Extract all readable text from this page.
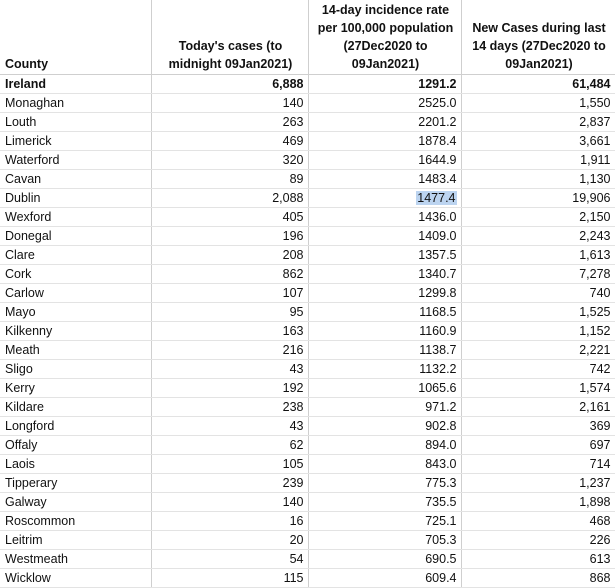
County	Today's cases (to midnight 09Jan2021)	14-day incidence rate per 100,000 population (27Dec2020 to 09Jan2021)	New Cases during last 14 days (27Dec2020 to 09Jan2021)
Ireland	6,888	1291.2	61,484
Monaghan	140	2525.0	1,550
Louth	263	2201.2	2,837
Limerick	469	1878.4	3,661
Waterford	320	1644.9	1,911
Cavan	89	1483.4	1,130
Dublin	2,088	1477.4	19,906
Wexford	405	1436.0	2,150
Donegal	196	1409.0	2,243
Clare	208	1357.5	1,613
Cork	862	1340.7	7,278
Carlow	107	1299.8	740
Mayo	95	1168.5	1,525
Kilkenny	163	1160.9	1,152
Meath	216	1138.7	2,221
Sligo	43	1132.2	742
Kerry	192	1065.6	1,574
Kildare	238	971.2	2,161
Longford	43	902.8	369
Offaly	62	894.0	697
Laois	105	843.0	714
Tipperary	239	775.3	1,237
Galway	140	735.5	1,898
Roscommon	16	725.1	468
Leitrim	20	705.3	226
Westmeath	54	690.5	613
Wicklow	115	609.4	868
